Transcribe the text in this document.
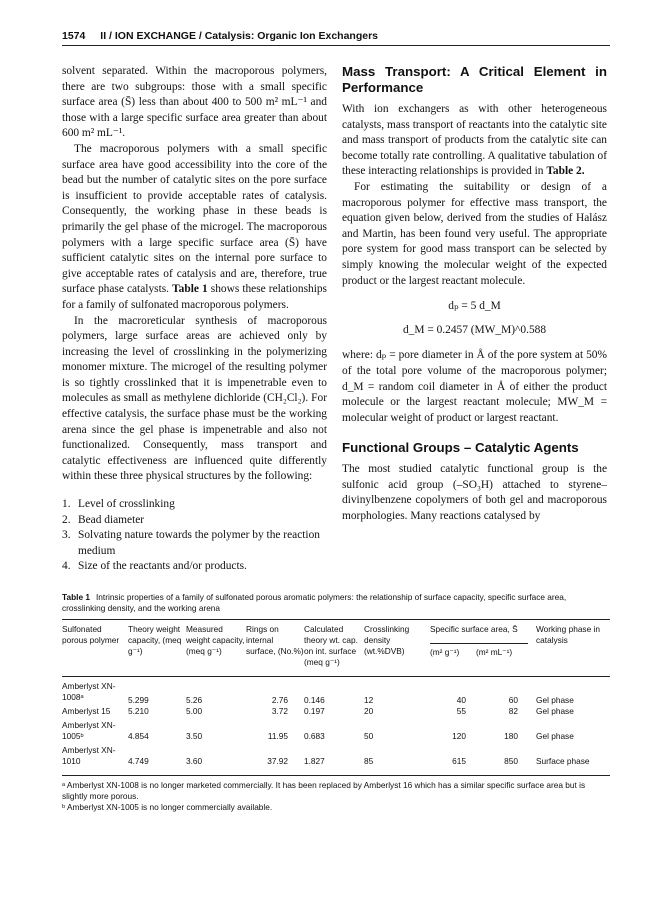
1574 II / ION EXCHANGE / Catalysis: Organic Ion Exchangers

solvent separated. Within the macroporous polymers, there are two subgroups: those with a small specific surface area (S̄) less than about 400 to 500 m² mL⁻¹ and those with a large specific surface area greater than about 600 m² mL⁻¹.

The macroporous polymers with a small specific surface area have good accessibility into the core of the bead but the number of catalytic sites on the pore surface is insufficient to provide acceptable rates of catalysis. Consequently, the working phase in these beads is primarily the gel phase of the microgel. The macroporous polymers with a large specific surface area (S̄) have sufficient catalytic sites on the internal pore surface to give acceptable rates of catalysis and are, therefore, true surface phase catalysts. Table 1 shows these relationships for a family of sulfonated macroporous polymers.

In the macroreticular synthesis of macroporous polymers, large surface areas are achieved only by increasing the level of crosslinking in the polymerizing monomer mixture. The microgel of the resulting polymer is so tightly crosslinked that it is impenetrable even to molecules as small as methylene dichloride (CH₂Cl₂). For effective catalysis, the surface phase must be the working arena since the gel phase is impenetrable and also not functionalized. Consequently, mass transport and catalytic effectiveness are influenced quite differently within these three physical structures by the following:

1. Level of crosslinking
2. Bead diameter
3. Solvating nature towards the polymer by the reaction medium
4. Size of the reactants and/or products.
Mass Transport: A Critical Element in Performance

With ion exchangers as with other heterogeneous catalysts, mass transport of reactants into the catalytic site and mass transport of products from the catalytic site can become totally rate controlling. A qualitative tabulation of these interacting relationships is provided in Table 2.

For estimating the suitability or design of a macroporous polymer for effective mass transport, the equation given below, derived from the studies of Halász and Martin, has been found very useful. The appropriate pore system for good mass transport can be selected by simply knowing the molecular weight of the expected product or the largest reactant molecule.

dₚ = 5 d_M
d_M = 0.2457 (MW_M)^0.588

where: dₚ = pore diameter in Å of the pore system at 50% of the total pore volume of the macroporous polymer; d_M = random coil diameter in Å of either the product molecule or the largest reactant molecule; MW_M = molecular weight of product or largest reactant.

Functional Groups – Catalytic Agents

The most studied catalytic functional group is the sulfonic acid group (–SO₃H) attached to styrene–divinylbenzene copolymers of both gel and macroporous morphologies. Many reactions catalysed by

Table 1 Intrinsic properties of a family of sulfonated porous aromatic polymers: the relationship of surface capacity, specific surface area, crosslinking density, and the working arena
Sulfonated porous polymer	Theory weight capacity, (meq g⁻¹)	Measured weight capacity, (meq g⁻¹)	Rings on internal surface, (No.%)	Calculated theory wt. cap. on int. surface (meq g⁻¹)	Crosslinking density (wt.%DVB)	Specific surface area, S̄		Working phase in catalysis
						(m² g⁻¹)	(m² mL⁻¹)	

Amberlyst XN-1008ᵃ	5.299	5.26	2.76	0.146	12	40	60	Gel phase
Amberlyst 15	5.210	5.00	3.72	0.197	20	55	82	Gel phase
Amberlyst XN-1005ᵇ	4.854	3.50	11.95	0.683	50	120	180	Gel phase
Amberlyst XN-1010	4.749	3.60	37.92	1.827	85	615	850	Surface phase

ᵃ Amberlyst XN-1008 is no longer marketed commercially. It has been replaced by Amberlyst 16 which has a similar specific surface area but is slightly more porous.
ᵇ Amberlyst XN-1005 is no longer commercially available.
